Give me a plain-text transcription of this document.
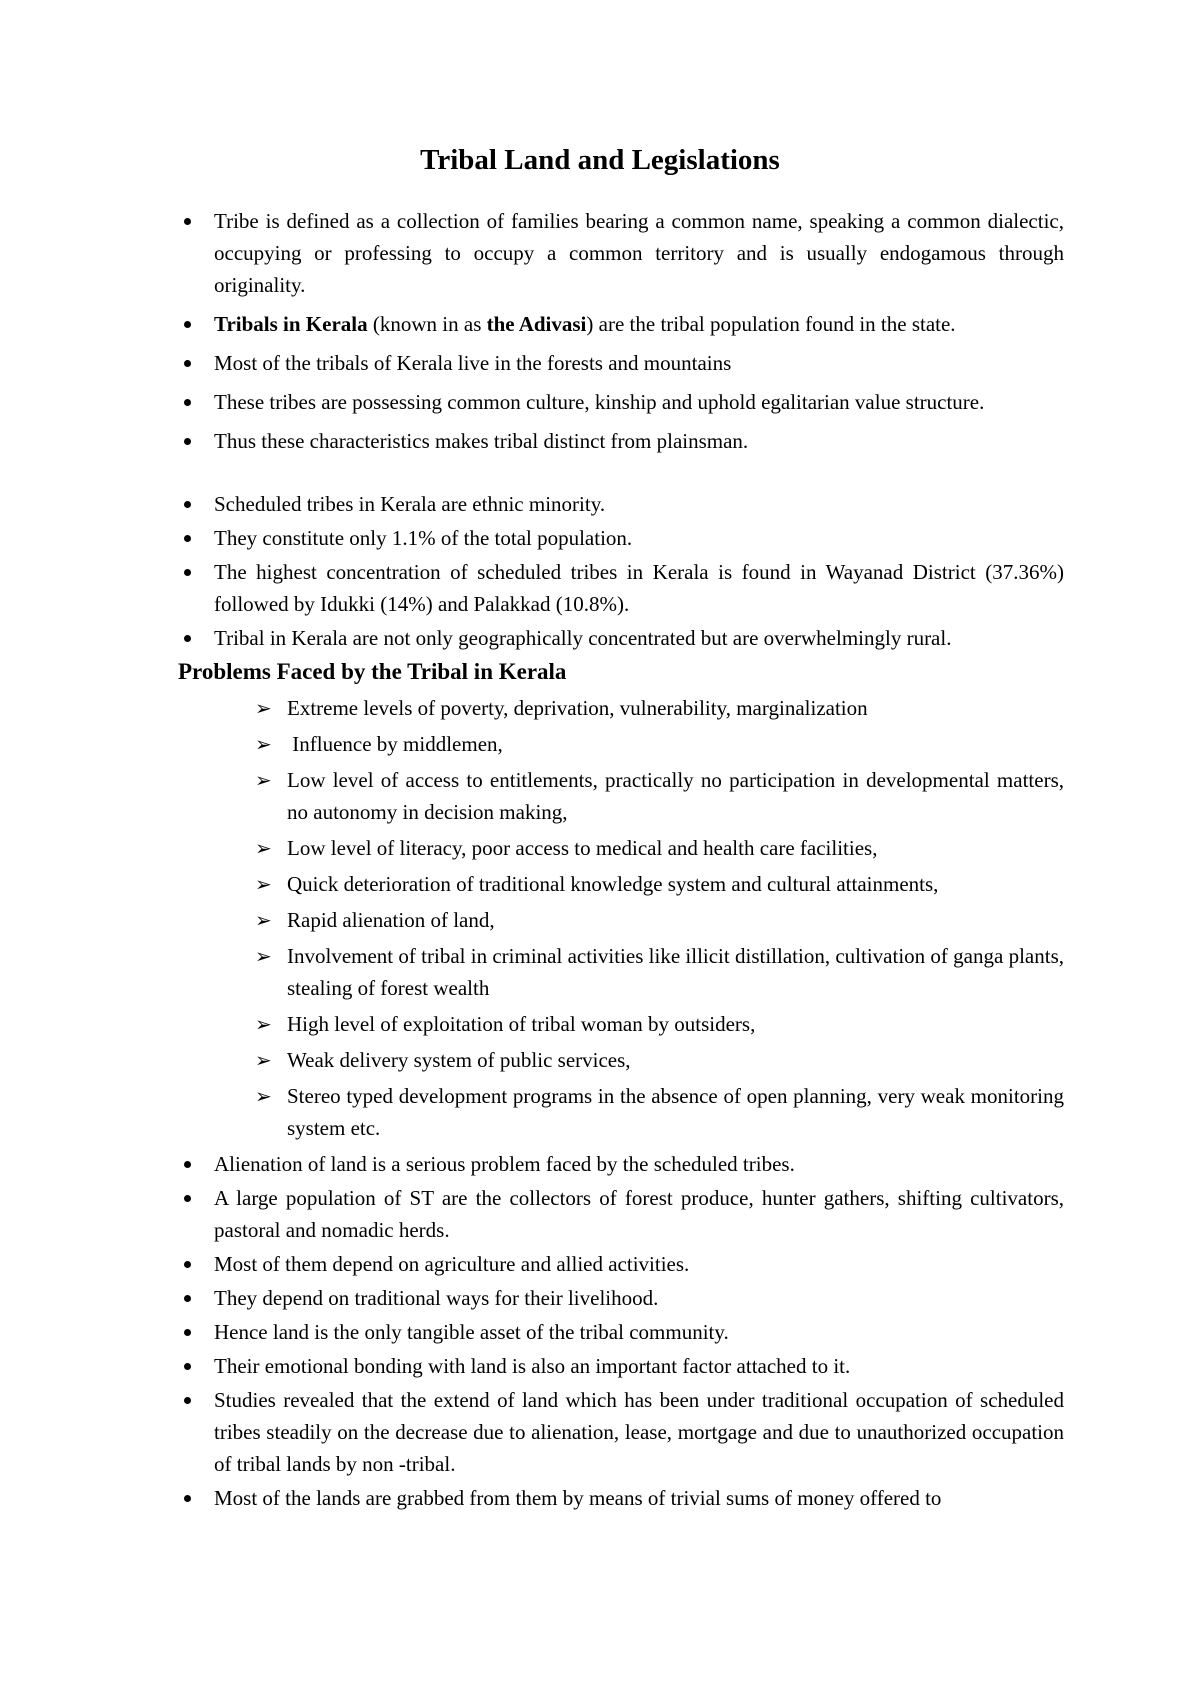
Tribal Land and Legislations
Tribe is defined as a collection of families bearing a common name, speaking a common dialectic, occupying or professing to occupy a common territory and is usually endogamous through originality.
Tribals in Kerala (known in as the Adivasi) are the tribal population found in the state.
Most of the tribals of Kerala live in the forests and mountains
These tribes are possessing common culture, kinship and uphold egalitarian value structure.
Thus these characteristics makes tribal distinct from plainsman.
Scheduled tribes in Kerala are ethnic minority.
They constitute only 1.1% of the total population.
The highest concentration of scheduled tribes in Kerala is found in Wayanad District (37.36%) followed by Idukki (14%) and Palakkad (10.8%).
Tribal in Kerala are not only geographically concentrated but are overwhelmingly rural.
Problems Faced by the Tribal in Kerala
➢ Extreme levels of poverty, deprivation, vulnerability, marginalization
➢ Influence by middlemen,
➢ Low level of access to entitlements, practically no participation in developmental matters, no autonomy in decision making,
➢ Low level of literacy, poor access to medical and health care facilities,
➢ Quick deterioration of traditional knowledge system and cultural attainments,
➢ Rapid alienation of land,
➢ Involvement of tribal in criminal activities like illicit distillation, cultivation of ganga plants, stealing of forest wealth
➢ High level of exploitation of tribal woman by outsiders,
➢ Weak delivery system of public services,
➢ Stereo typed development programs in the absence of open planning, very weak monitoring system etc.
Alienation of land is a serious problem faced by the scheduled tribes.
A large population of ST are the collectors of forest produce, hunter gathers, shifting cultivators, pastoral and nomadic herds.
Most of them depend on agriculture and allied activities.
They depend on traditional ways for their livelihood.
Hence land is the only tangible asset of the tribal community.
Their emotional bonding with land is also an important factor attached to it.
Studies revealed that the extend of land which has been under traditional occupation of scheduled tribes steadily on the decrease due to alienation, lease, mortgage and due to unauthorized occupation of tribal lands by non -tribal.
Most of the lands are grabbed from them by means of trivial sums of money offered to
